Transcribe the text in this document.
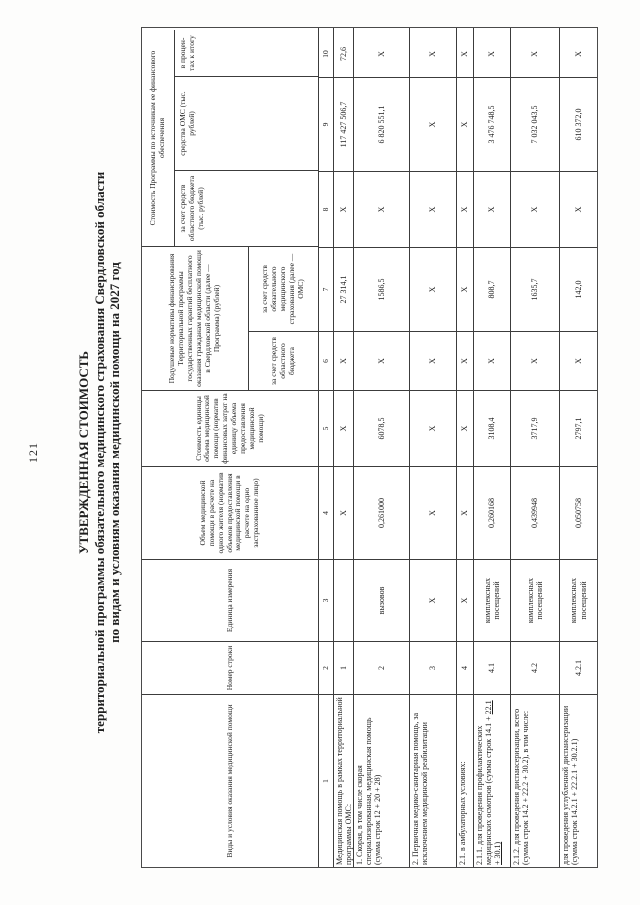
121	УТВЕРЖДЕННАЯ СТОИМОСТЬ территориальной программы обязательного медицинского страхования Свердловской области по видам и условиям оказания медицинской помощи на 2027 год
Виды и условия оказания медицинской помощи
Номер строки
Единица измерения
Объем медицинской помощи в расчете на одного жителя (норматив объемов предоставления медицинской помощи в расчете на одно застрахованное лицо)
Стоимость единицы объема медицинской помощи (норматив финансовых затрат на единицу объема предоставления медицинской помощи)
Подушевые нормативы финансирования Территориальной программы государственных гарантий бесплатного оказания гражданам медицинской помощи в Свердловской области (далее — Программа) (рублей)
за счет средств областного бюджета
за счет средств обязательного медицинского страхования (далее — ОМС)
Стоимость Программы по источникам ее финансового обеспечения
за счет средств областного бюджета (тыс. рублей)
средства ОМС (тыс. рублей)
в процен- тах к итогу
1
2
3
4
5
6
7
8
9
10
Медицинская помощь в рамках территориальной программы ОМС:
1
X
X
X
27 314,1
X
117 427 506,7
72,6
1. Скорая, в том числе скорая специализированная, медицинская помощь (сумма строк 12 + 20 + 28)
2
вызовов
0,261000
6078,5
X
1586,5
X
6 820 551,1
X
2. Первичная медико-санитарная помощь, за исключением медицинской реабилитации
3
X
X
X
X
X
X
X
X
2.1. в амбулаторных условиях:
4
X
X
X
X
X
X
X
X
2.1.1. для проведения профилактических медицинских осмотров (сумма строк 14.1 + 22.1 + 30.1)
4.1
комплексных посещений
0,260168
3108,4
X
808,7
X
3 476 748,5
X
2.1.2. для проведения диспансеризации, всего (сумма строк 14.2 + 22.2 + 30.2), в том числе:
4.2
комплексных посещений
0,439948
3717,9
X
1635,7
X
7 032 043,5
X
для проведения углубленной диспансеризации (сумма строк 14.2.1 + 22.2.1 + 30.2.1)
4.2.1
комплексных посещений
0,050758
2797,1
X
142,0
X
610 372,0
X
